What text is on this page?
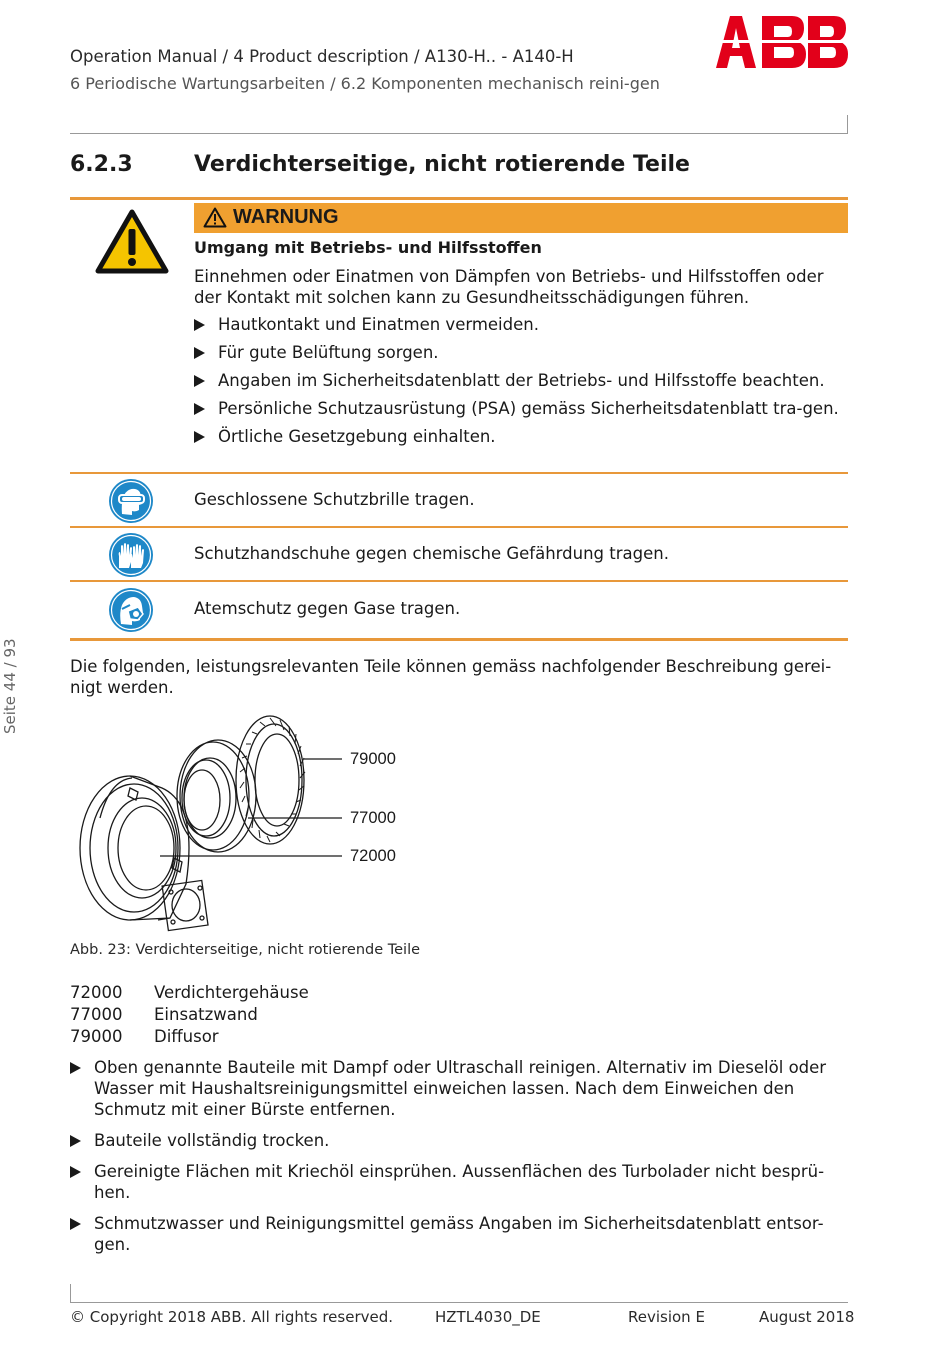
Operation Manual / 4 Product description / A130-H.. - A140-H
6 Periodische Wartungsarbeiten / 6.2 Komponenten mechanisch reini-gen
ABB
6.2.3	Verdichterseitige, nicht rotierende Teile
WARNUNG
Umgang mit Betriebs- und Hilfsstoffen
Einnehmen oder Einatmen von Dämpfen von Betriebs- und Hilfsstoffen oder der Kontakt mit solchen kann zu Gesundheitsschädigungen führen.
Hautkontakt und Einatmen vermeiden.
Für gute Belüftung sorgen.
Angaben im Sicherheitsdatenblatt der Betriebs- und Hilfsstoffe beachten.
Persönliche Schutzausrüstung (PSA) gemäss Sicherheitsdatenblatt tra-gen.
Örtliche Gesetzgebung einhalten.
Geschlossene Schutzbrille tragen.
Schutzhandschuhe gegen chemische Gefährdung tragen.
Atemschutz gegen Gase tragen.
Seite 44 / 93	Die folgenden, leistungsrelevanten Teile können gemäss nachfolgender Beschreibung gerei-nigt werden.
79000
77000
72000
Abb. 23: Verdichterseitige, nicht rotierende Teile
72000	Verdichtergehäuse
77000	Einsatzwand
79000	Diffusor
Oben genannte Bauteile mit Dampf oder Ultraschall reinigen. Alternativ im Dieselöl oder Wasser mit Haushaltsreinigungsmittel einweichen lassen. Nach dem Einweichen den Schmutz mit einer Bürste entfernen.
Bauteile vollständig trocken.
Gereinigte Flächen mit Kriechöl einsprühen. Aussenflächen des Turbolader nicht besprü-hen.
Schmutzwasser und Reinigungsmittel gemäss Angaben im Sicherheitsdatenblatt entsor-gen.
© Copyright 2018 ABB. All rights reserved.	HZTL4030_DE	Revision E	August 2018
